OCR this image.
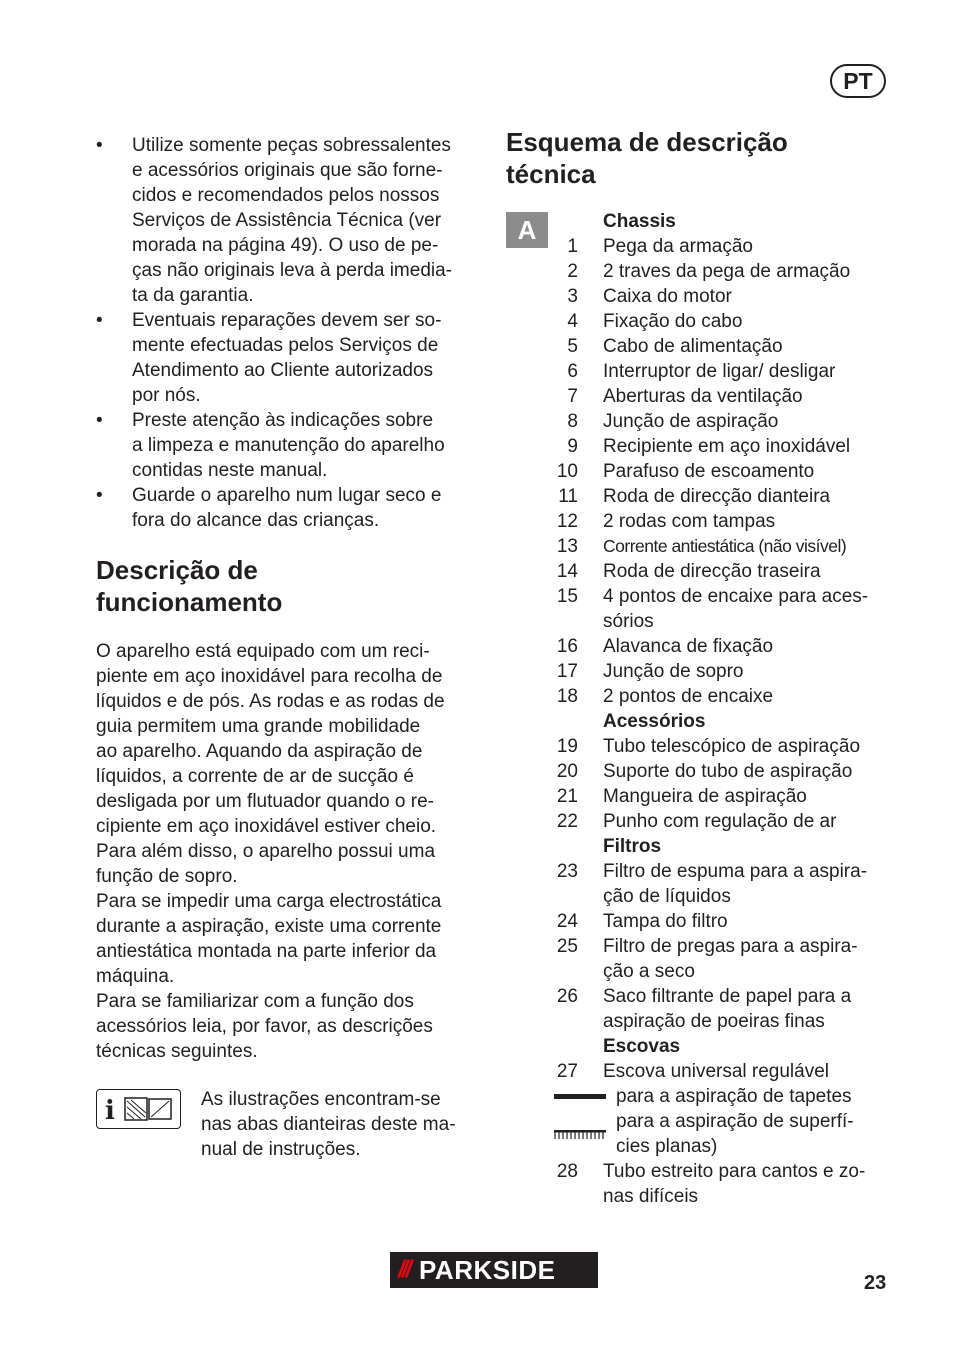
PT
• Utilize somente peças sobressalentes
e acessórios originais que são forne-
cidos e recomendados pelos nossos
Serviços de Assistência Técnica (ver
morada na página 49). O uso de pe-
ças não originais leva à perda imedia-
ta da garantia.
• Eventuais reparações devem ser so-
mente efectuadas pelos Serviços de
Atendimento ao Cliente autorizados
por nós.
• Preste atenção às indicações sobre
a limpeza e manutenção do aparelho
contidas neste manual.
• Guarde o aparelho num lugar seco e
fora do alcance das crianças.
Descrição de
funcionamento
O aparelho está equipado com um reci-
piente em aço inoxidável para recolha de
líquidos e de pós. As rodas e as rodas de
guia permitem uma grande mobilidade
ao aparelho. Aquando da aspiração de
líquidos, a corrente de ar de sucção é
desligada por um flutuador quando o re-
cipiente em aço inoxidável estiver cheio.
Para além disso, o aparelho possui uma
função de sopro.
Para se impedir uma carga electrostática
durante a aspiração, existe uma corrente
antiestática montada na parte inferior da
máquina.
Para se familiarizar com a função dos
acessórios leia, por favor, as descrições
técnicas seguintes.
i	As ilustrações encontram-se
nas abas dianteiras deste ma-
nual de instruções.
Esquema de descrição
técnica
A	Chassis
1 Pega da armação
2 2 traves da pega de armação
3 Caixa do motor
4 Fixação do cabo
5 Cabo de alimentação
6 Interruptor de ligar/ desligar
7 Aberturas da ventilação
8 Junção de aspiração
9 Recipiente em aço inoxidável
10 Parafuso de escoamento
11 Roda de direcção dianteira
12 2 rodas com tampas
13 Corrente antiestática (não visível)
14 Roda de direcção traseira
15 4 pontos de encaixe para aces-
sórios
16 Alavanca de fixação
17 Junção de sopro
18 2 pontos de encaixe
Acessórios
19 Tubo telescópico de aspiração
20 Suporte do tubo de aspiração
21 Mangueira de aspiração
22 Punho com regulação de ar
Filtros
23 Filtro de espuma para a aspira-
ção de líquidos
24 Tampa do filtro
25 Filtro de pregas para a aspira-
ção a seco
26 Saco filtrante de papel para a
aspiração de poeiras finas
Escovas
27 Escova universal regulável
para a aspiração de tapetes
para a aspiração de superfí-
cies planas)
28 Tubo estreito para cantos e zo-
nas difíceis
/// PARKSIDE	23
